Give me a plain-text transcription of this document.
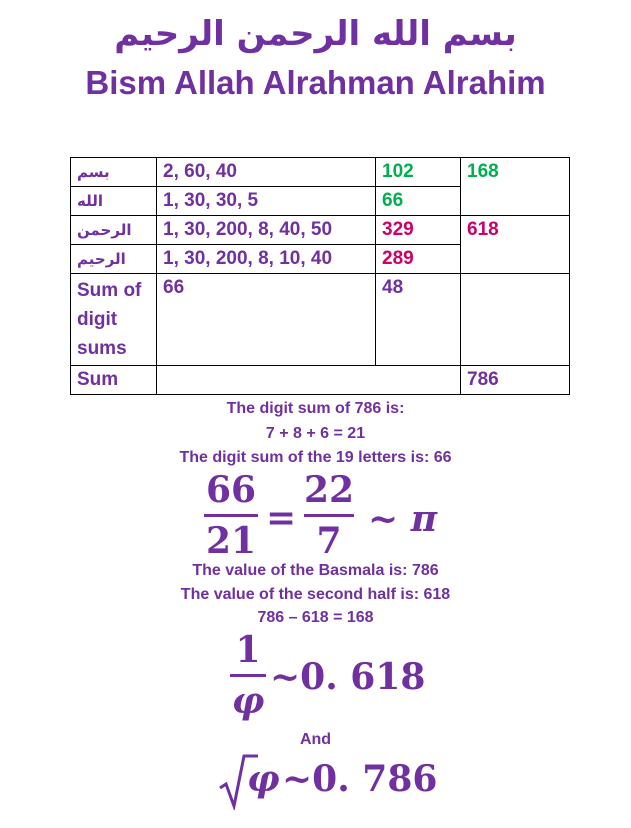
بسم الله الرحمن الرحيم
Bism Allah Alrahman Alrahim
بسم	2, 60, 40	102	168
الله	1, 30, 30, 5	66	
الرحمن	1, 30, 200, 8, 40, 50	329	618
الرحيم	1, 30, 200, 8, 10, 40	289	
Sum of digit sums	66	48	
Sum			786
The digit sum of 786 is:
7 + 8 + 6 = 21
The digit sum of the 19 letters is: 66
66
21
=
22
7
~ π
The value of the Basmala is: 786
The value of the second half is: 618
786 – 618 = 168
1
φ
~0. 618
And
φ ~0. 786
